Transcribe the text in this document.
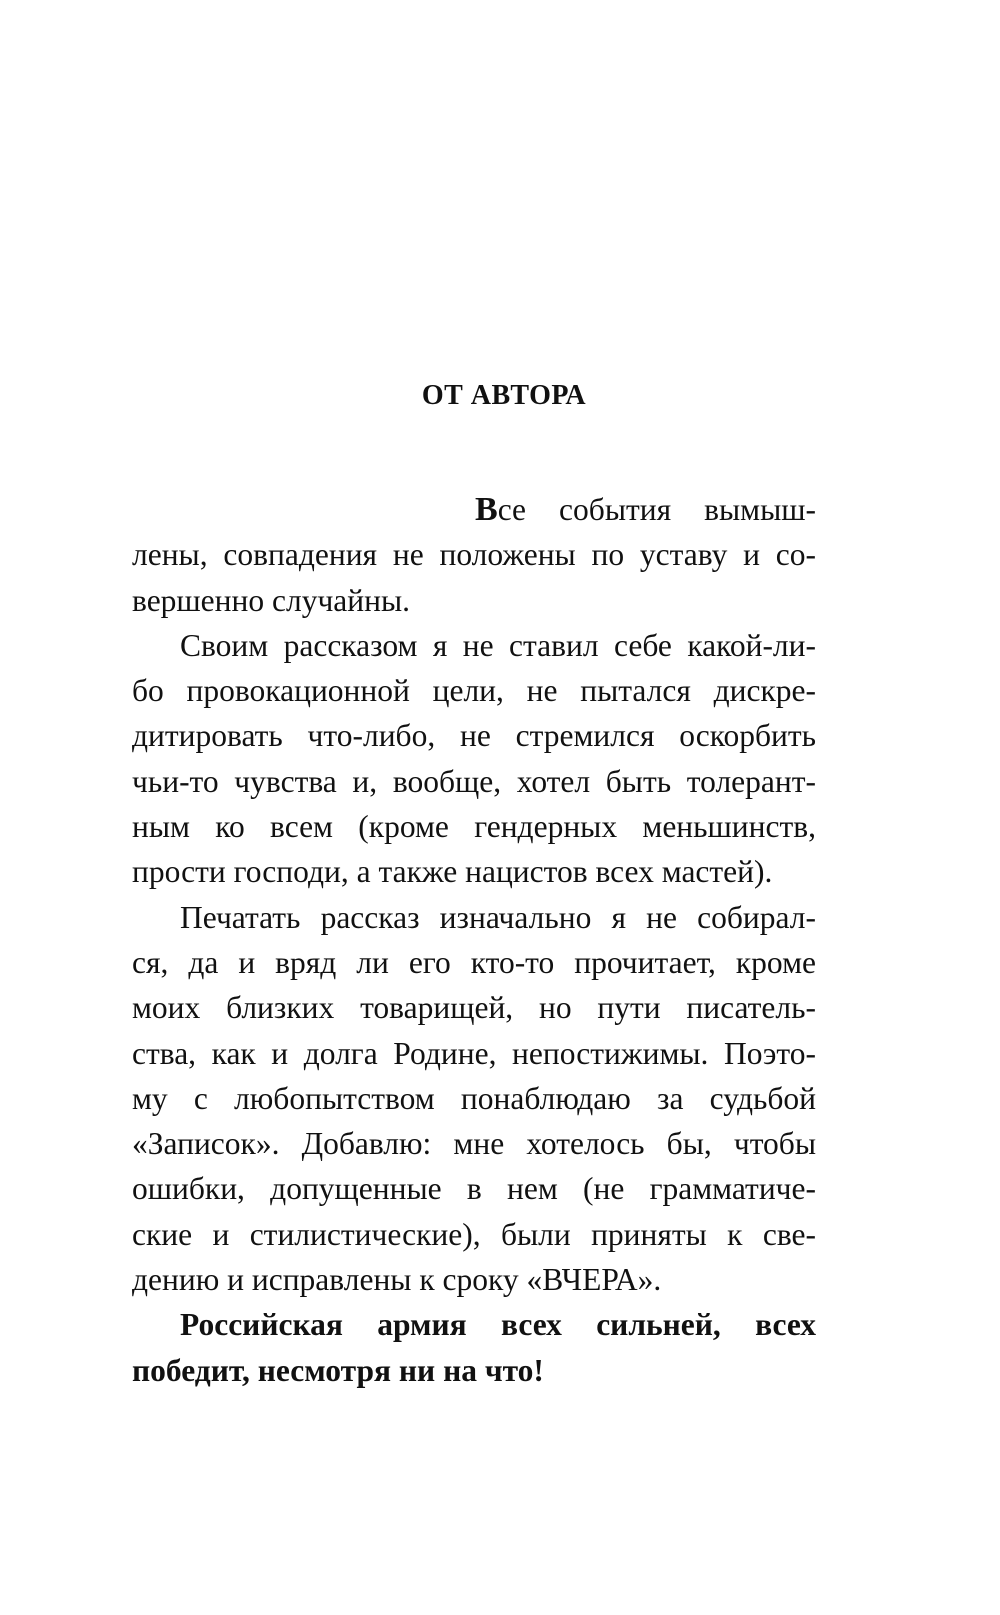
ОТ АВТОРА
Все события вымыш-
лены, совпадения не положены по уставу и со-
вершенно случайны.
Своим рассказом я не ставил себе какой-ли-
бо провокационной цели, не пытался дискре-
дитировать что-либо, не стремился оскорбить
чьи-то чувства и, вообще, хотел быть толерант-
ным ко всем (кроме гендерных меньшинств,
прости господи, а также нацистов всех мастей).
Печатать рассказ изначально я не собирал-
ся, да и вряд ли его кто-то прочитает, кроме
моих близких товарищей, но пути писатель-
ства, как и долга Родине, непостижимы. Поэто-
му с любопытством понаблюдаю за судьбой
«Записок». Добавлю: мне хотелось бы, чтобы
ошибки, допущенные в нем (не грамматиче-
ские и стилистические), были приняты к све-
дению и исправлены к сроку «ВЧЕРА».
Российская армия всех сильней, всех
победит, несмотря ни на что!
